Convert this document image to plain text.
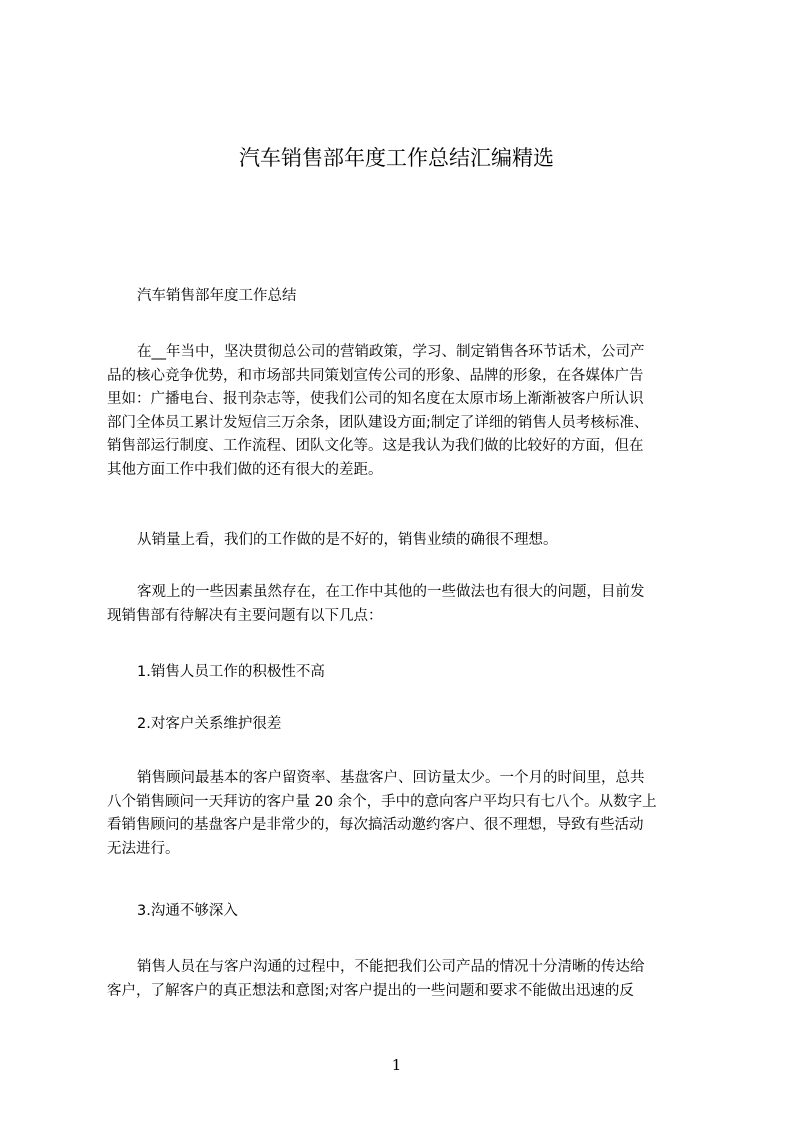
汽车销售部年度工作总结汇编精选
汽车销售部年度工作总结
在__年当中，坚决贯彻总公司的营销政策，学习、制定销售各环节话术，公司产
品的核心竞争优势，和市场部共同策划宣传公司的形象、品牌的形象，在各媒体广告
里如：广播电台、报刊杂志等，使我们公司的知名度在太原市场上渐渐被客户所认识
部门全体员工累计发短信三万余条，团队建设方面;制定了详细的销售人员考核标准、
销售部运行制度、工作流程、团队文化等。这是我认为我们做的比较好的方面，但在
其他方面工作中我们做的还有很大的差距。
从销量上看，我们的工作做的是不好的，销售业绩的确很不理想。
客观上的一些因素虽然存在，在工作中其他的一些做法也有很大的问题，目前发
现销售部有待解决有主要问题有以下几点：
1.销售人员工作的积极性不高
2.对客户关系维护很差
销售顾问最基本的客户留资率、基盘客户、回访量太少。一个月的时间里，总共
八个销售顾问一天拜访的客户量 20 余个，手中的意向客户平均只有七八个。从数字上
看销售顾问的基盘客户是非常少的，每次搞活动邀约客户、很不理想，导致有些活动
无法进行。
3.沟通不够深入
销售人员在与客户沟通的过程中，不能把我们公司产品的情况十分清晰的传达给
客户，了解客户的真正想法和意图;对客户提出的一些问题和要求不能做出迅速的反
1
